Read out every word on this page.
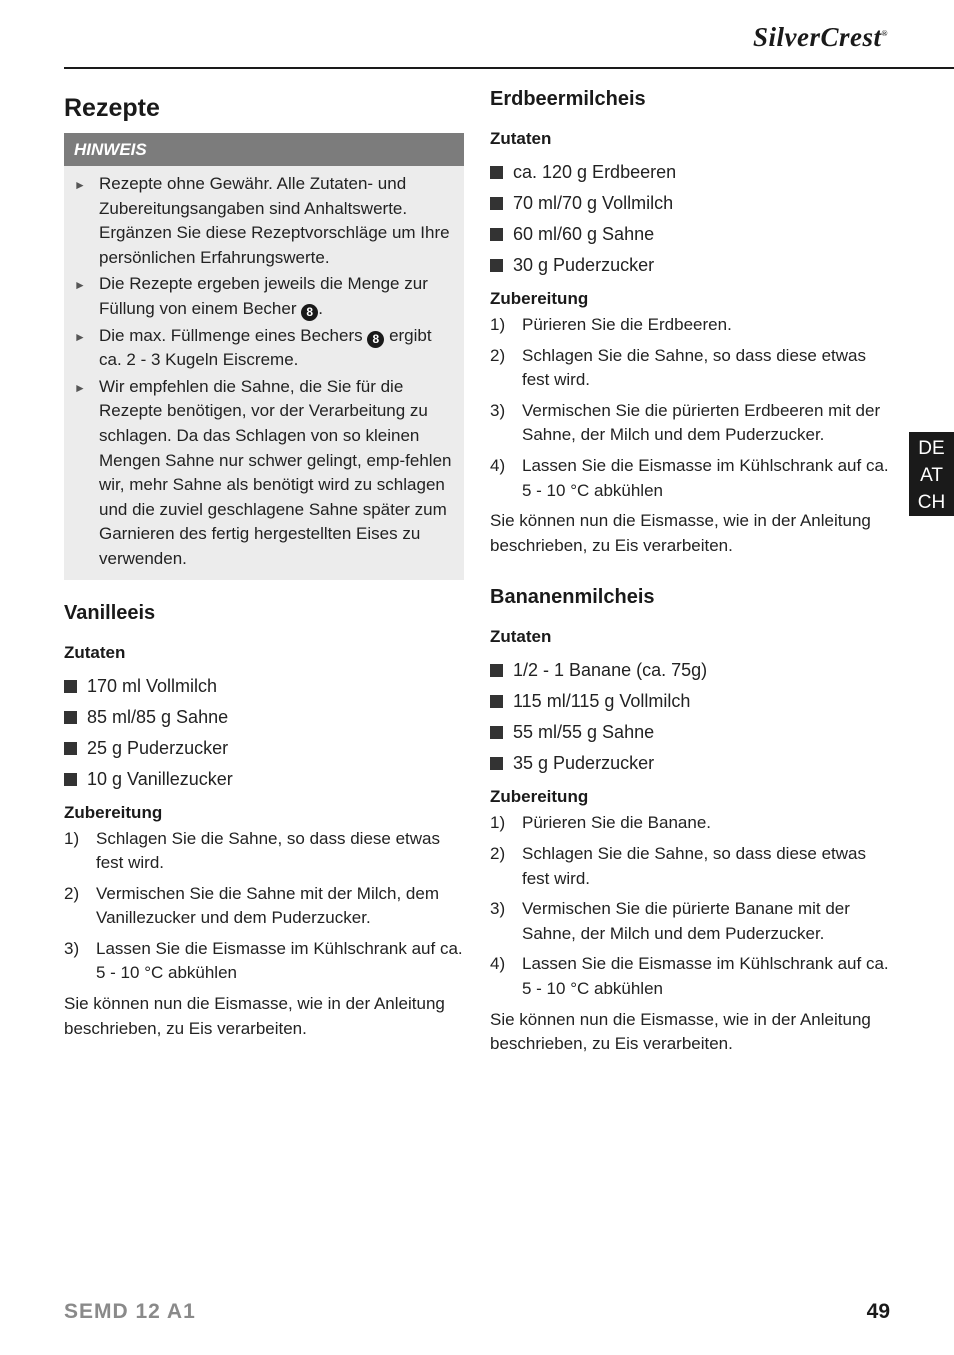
SilverCrest®
Rezepte
HINWEIS
► Rezepte ohne Gewähr. Alle Zutaten- und Zubereitungsangaben sind Anhaltswerte. Ergänzen Sie diese Rezeptvorschläge um Ihre persönlichen Erfahrungswerte.
► Die Rezepte ergeben jeweils die Menge zur Füllung von einem Becher 8 .
► Die max. Füllmenge eines Bechers 8 ergibt ca. 2 - 3 Kugeln Eiscreme.
► Wir empfehlen die Sahne, die Sie für die Rezepte benötigen, vor der Verarbeitung zu schlagen. Da das Schlagen von so kleinen Mengen Sahne nur schwer gelingt, emp-fehlen wir, mehr Sahne als benötigt wird zu schlagen und die zuviel geschlagene Sahne später zum Garnieren des fertig hergestellten Eises zu verwenden.
Vanilleeis
Zutaten
170 ml Vollmilch
85 ml/85 g Sahne
25 g Puderzucker
10 g Vanillezucker
Zubereitung
1) Schlagen Sie die Sahne, so dass diese etwas fest wird.
2) Vermischen Sie die Sahne mit der Milch, dem Vanillezucker und dem Puderzucker.
3) Lassen Sie die Eismasse im Kühlschrank auf ca. 5 - 10 °C abkühlen

Sie können nun die Eismasse, wie in der Anleitung beschrieben, zu Eis verarbeiten.

Erdbeermilcheis
Zutaten
ca. 120 g Erdbeeren
70 ml/70 g Vollmilch
60 ml/60 g Sahne
30 g Puderzucker
Zubereitung
1) Pürieren Sie die Erdbeeren.
2) Schlagen Sie die Sahne, so dass diese etwas fest wird.
3) Vermischen Sie die pürierten Erdbeeren mit der Sahne, der Milch und dem Puderzucker.
4) Lassen Sie die Eismasse im Kühlschrank auf ca. 5 - 10 °C abkühlen

Sie können nun die Eismasse, wie in der Anleitung beschrieben, zu Eis verarbeiten.

Bananenmilcheis
Zutaten
1/2 - 1 Banane (ca. 75g)
115 ml/115 g Vollmilch
55 ml/55 g Sahne
35 g Puderzucker
Zubereitung
1) Pürieren Sie die Banane.
2) Schlagen Sie die Sahne, so dass diese etwas fest wird.
3) Vermischen Sie die pürierte Banane mit der Sahne, der Milch und dem Puderzucker.
4) Lassen Sie die Eismasse im Kühlschrank auf ca. 5 - 10 °C abkühlen

Sie können nun die Eismasse, wie in der Anleitung beschrieben, zu Eis verarbeiten.

DE
AT
CH
SEMD 12 A1	49
